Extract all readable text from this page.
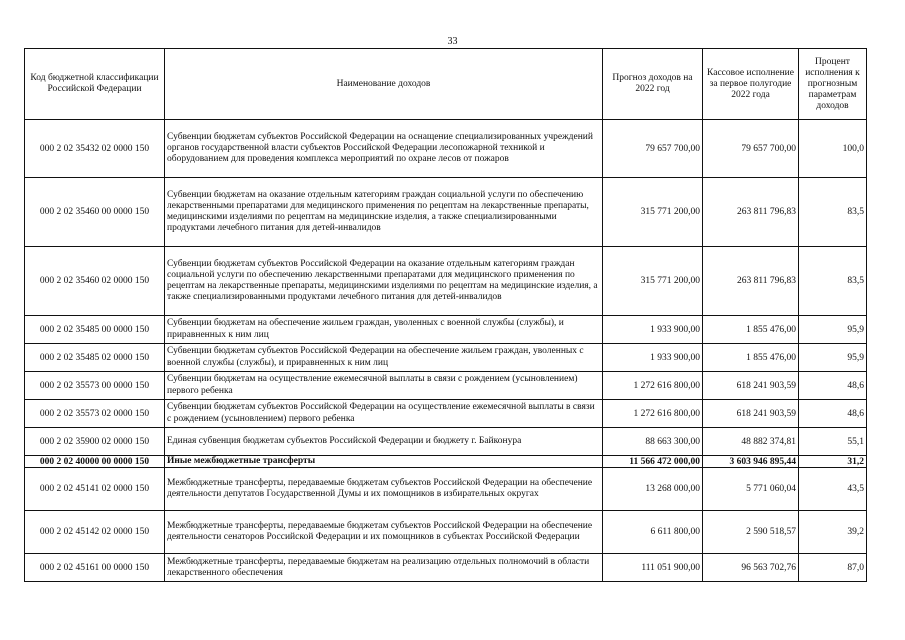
33
Код бюджетной классификации Российской Федерации	Наименование доходов	Прогноз доходов на 2022 год	Кассовое исполнение за первое полугодие 2022 года	Процент исполнения к прогнозным параметрам доходов
000 2 02 35432 02 0000 150	Субвенции бюджетам субъектов Российской Федерации на оснащение специализированных учреждений органов государственной власти субъектов Российской Федерации лесопожарной техникой и оборудованием для проведения комплекса мероприятий по охране лесов от пожаров	79 657 700,00	79 657 700,00	100,0
000 2 02 35460 00 0000 150	Субвенции бюджетам на оказание отдельным категориям граждан социальной услуги по обеспечению лекарственными препаратами для медицинского применения по рецептам на лекарственные препараты, медицинскими изделиями по рецептам на медицинские изделия, а также специализированными продуктами лечебного питания для детей-инвалидов	315 771 200,00	263 811 796,83	83,5
000 2 02 35460 02 0000 150	Субвенции бюджетам субъектов Российской Федерации на оказание отдельным категориям граждан социальной услуги по обеспечению лекарственными препаратами для медицинского применения по рецептам на лекарственные препараты, медицинскими изделиями по рецептам на медицинские изделия, а также специализированными продуктами лечебного питания для детей-инвалидов	315 771 200,00	263 811 796,83	83,5
000 2 02 35485 00 0000 150	Субвенции бюджетам на обеспечение жильем граждан, уволенных с военной службы (службы), и приравненных к ним лиц	1 933 900,00	1 855 476,00	95,9
000 2 02 35485 02 0000 150	Субвенции бюджетам субъектов Российской Федерации на обеспечение жильем граждан, уволенных с военной службы (службы), и приравненных к ним лиц	1 933 900,00	1 855 476,00	95,9
000 2 02 35573 00 0000 150	Субвенции бюджетам на осуществление ежемесячной выплаты в связи с рождением (усыновлением) первого ребенка	1 272 616 800,00	618 241 903,59	48,6
000 2 02 35573 02 0000 150	Субвенции бюджетам субъектов Российской Федерации на осуществление ежемесячной выплаты в связи с рождением (усыновлением) первого ребенка	1 272 616 800,00	618 241 903,59	48,6
000 2 02 35900 02 0000 150	Единая субвенция бюджетам субъектов Российской Федерации и бюджету г. Байконура	88 663 300,00	48 882 374,81	55,1
000 2 02 40000 00 0000 150	Иные межбюджетные трансферты	11 566 472 000,00	3 603 946 895,44	31,2
000 2 02 45141 02 0000 150	Межбюджетные трансферты, передаваемые бюджетам субъектов Российской Федерации на обеспечение деятельности депутатов Государственной Думы и их помощников в избирательных округах	13 268 000,00	5 771 060,04	43,5
000 2 02 45142 02 0000 150	Межбюджетные трансферты, передаваемые бюджетам субъектов Российской Федерации на обеспечение деятельности сенаторов Российской Федерации и их помощников в субъектах Российской Федерации	6 611 800,00	2 590 518,57	39,2
000 2 02 45161 00 0000 150	Межбюджетные трансферты, передаваемые бюджетам на реализацию отдельных полномочий в области лекарственного обеспечения	111 051 900,00	96 563 702,76	87,0
